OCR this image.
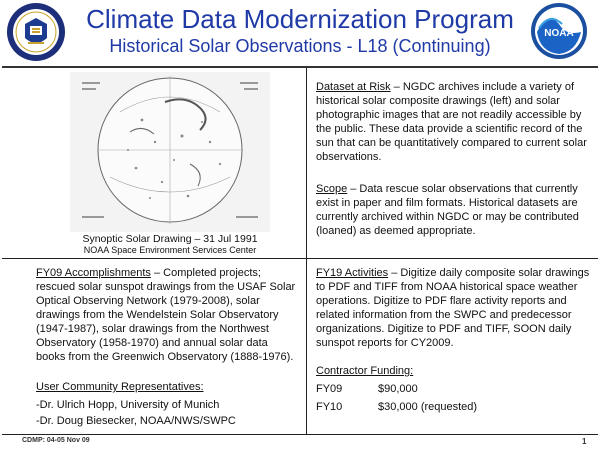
NOAA
Climate Data Modernization Program
Historical Solar Observations - L18 (Continuing)
Synoptic Solar Drawing – 31 Jul 1991
NOAA Space Environment Services Center
Dataset at Risk – NGDC archives include a variety of historical solar composite drawings (left) and solar photographic images that are not readily accessible by the public. These data provide a scientific record of the sun that can be quantitatively compared to current solar observations.
Scope – Data rescue solar observations that currently exist in paper and film formats. Historical datasets are currently archived within NGDC or may be contributed (loaned) as deemed appropriate.
FY09 Accomplishments – Completed projects; rescued solar sunspot drawings from the USAF Solar Optical Observing Network (1979-2008), solar drawings from the Wendelstein Solar Observatory (1947-1987), solar drawings from the Northwest Observatory (1958-1970) and annual solar data books from the Greenwich Observatory (1888-1976).
User Community Representatives:
-Dr. Ulrich Hopp, University of Munich
-Dr. Doug Biesecker, NOAA/NWS/SWPC
FY19 Activities – Digitize daily composite solar drawings to PDF and TIFF from NOAA historical space weather operations. Digitize to PDF flare activity reports and related information from the SWPC and predecessor organizations. Digitize to PDF and TIFF, SOON daily sunspot reports for CY2009.
Contractor Funding:
FY09	$90,000
FY10	$30,000 (requested)
CDMP: 04-05 Nov 09	1
